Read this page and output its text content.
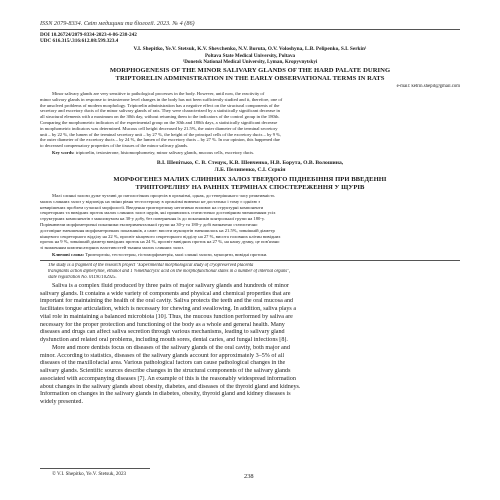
ISSN 2079-8334. Світ медицини та біології. 2023. № 4 (86)
DOI 10.26724/2079-8334-2023-4-86-238-242
UDC 616.315/.316:612.08:599.323.4
V.I. Shepitko, Ye.V. Stetsuk, K.V. Shevchenko, N.V. Boruta, O.V. Voloshyna, L.B. Pelipenko, S.I. Serkin¹
Poltava State Medical University, Poltava
¹Donetsk National Medical University, Lyman, Kropyvnytskyi
MORPHOGENESIS OF THE MINOR SALIVARY GLANDS OF THE HARD PALATE DURING
TRIPTORELIN ADMINISTRATION IN THE EARLY OBSERVATIONAL TERMS IN RATS
e-mail: ketrin.shepit@gmail.com
Minor salivary glands are very sensitive to pathological processes in the body. However, until now, the reactivity of
minor salivary glands in response to testosterone level changes in the body has not been sufficiently studied and it, therefore, one of
the unsolved problems of modern morphology. Triptorelin administration has a negative effect on the structural components of the
secretory and excretory ducts of the minor salivary glands of rats. They were characterized by a statistically significant decrease in
all structural elements with a maximum on the 30th day, without returning them to the indicators of the control group in the 180th.
Comparing the morphometric indicators of the experimental group on the 30th and 180th days, a statistically significant decrease
in morphometric indicators was determined. Mucous cell height decreased by 21.5%, the outer diameter of the terminal secretory
unit – by 22 %, the lumen of the terminal secretory unit – by 27 %, the height of the principal cells of the excretory ducts – by 9 %,
the outer diameter of the excretory ducts – by 24 %, the lumen of the excretory ducts – by 27 %. In our opinion, this happened due
to decreased compensatory properties of the tissues of the minor salivary glands.
Key words: triptorelin, testosterone, histomorphometry, minor salivary glands, mucous cells, excretory ducts.
В.І. Шепітько, Є. В. Стецук, К.В. Шевченко, Н.В. Борута, О.В. Волошина,
Л.Б. Пелипенко, С.І. Сєркін
МОРФОГЕНЕЗ МАЛИХ СЛИННИХ ЗАЛОЗ ТВЕРДОГО ПІДНЕБІННЯ ПРИ ВВЕДЕННІ
ТРИПТОРЕЛІНУ НА РАННІХ ТЕРМІНАХ СПОСТЕРЕЖЕННЯ У ЩУРІВ
Малі слинні залози дуже чутливі до патологічних процесів в організмі, однак, до теперішнього часу реактивність
малих слинних залоз у відповідь на зміни рівня тестостерону в організмі вивчено не достатньо і тому є однією з
невирішених проблем сучасної морфології. Введення трипторелину негативно впливає на структурні компоненти
секреторних та вивідних проток малих слинних залоз щурів, які проявились статистично достовірним зменшенням усіх
структурних компонентів з максимумом на 30-у добу, без повернення їх до показників контрольної групи на 180-у.
Порівнюючи морфометричні показники експериментальної групи на 30-у та 180-у добі визначено статистично
достовірне зменшення морфометричних показників, а саме: висоти мукоцитів зменшилась на 21.5%, зовнішній діаметр
кінцевого секреторного відділу на 22 %, просвіт кінцевого секреторного відділу на 27 %, висота головних клітин вивідних
проток на 9 %, зовнішній діаметр вивідних проток на 24 %, просвіт вивідних проток на 27 %, на нашу думку, це пов'язано
зі зниженням компенсаторних властивостей тканин малих слинних залоз.
Ключові слова: Трипторелін, тестостерон, гістоморфометрія, малі слинні залози, мукоцити, вивідні протоки.
The study is a fragment of the research project "Experimental morphological study of cryopreserved placenta
transplants action dipheryline, ethanol and 1 %methacrylic acid on the morphofunctional states in a number of internal organs",
state registration No. 0119U102925.
Saliva is a complex fluid produced by three pairs of major salivary glands and hundreds of minor
salivary glands. It contains a wide variety of components and physical and chemical properties that are
important for maintaining the health of the oral cavity. Saliva protects the teeth and the oral mucosa and
facilitates tongue articulation, which is necessary for chewing and swallowing. In addition, saliva plays a
vital role in maintaining a balanced microbiota [10]. Thus, the mucous function performed by saliva are
necessary for the proper protection and functioning of the body as a whole and general health. Many
diseases and drugs can affect saliva secretion through various mechanisms, leading to salivary gland
dysfunction and related oral problems, including mouth sores, dental caries, and fungal infections [8].
More and more dentists focus on diseases of the salivary glands of the oral cavity, both major and
minor. According to statistics, diseases of the salivary glands account for approximately 3–5% of all
diseases of the maxillofacial area. Various pathological factors can cause pathological changes in the
salivary glands. Scientific sources describe changes in the structural components of the salivary glands
associated with accompanying diseases [7]. An example of this is the reasonably widespread information
about changes in the salivary glands about obesity, diabetes, and diseases of the thyroid gland and kidneys.
Information on changes in the salivary glands in diabetes, obesity, thyroid gland and kidney diseases is
widely presented.
© V.I. Shepitko, Ye.V. Stetsuk, 2023	238
